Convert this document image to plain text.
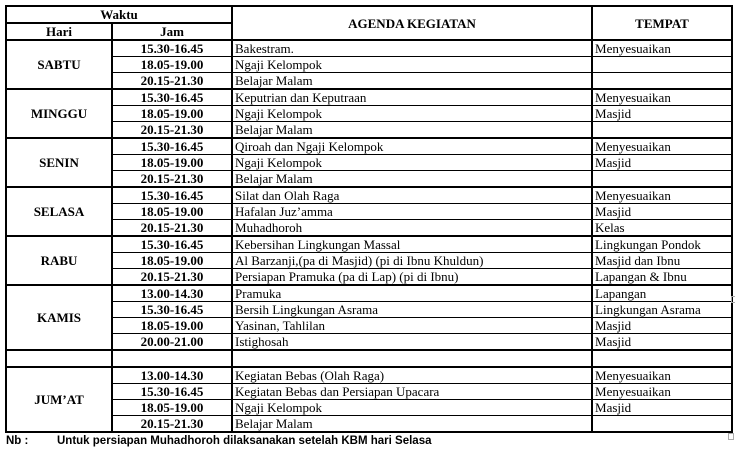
Waktu		AGENDA KEGIATAN	TEMPAT
Hari	Jam		
SABTU	15.30-16.45	Bakestram.	Menyesuaikan
	18.05-19.00	Ngaji Kelompok	
	20.15-21.30	Belajar Malam	
MINGGU	15.30-16.45	Keputrian dan Keputraan	Menyesuaikan
	18.05-19.00	Ngaji Kelompok	Masjid
	20.15-21.30	Belajar Malam	
SENIN	15.30-16.45	Qiroah dan Ngaji Kelompok	Menyesuaikan
	18.05-19.00	Ngaji Kelompok	Masjid
	20.15-21.30	Belajar Malam	
SELASA	15.30-16.45	Silat dan Olah Raga	Menyesuaikan
	18.05-19.00	Hafalan Juz’amma	Masjid
	20.15-21.30	Muhadhoroh	Kelas
RABU	15.30-16.45	Kebersihan Lingkungan Massal	Lingkungan Pondok
	18.05-19.00	Al Barzanji,(pa di Masjid) (pi di Ibnu Khuldun)	Masjid dan Ibnu
	20.15-21.30	Persiapan Pramuka (pa di Lap) (pi di Ibnu)	Lapangan & Ibnu
KAMIS	13.00-14.30	Pramuka	Lapangan
	15.30-16.45	Bersih Lingkungan Asrama	Lingkungan Asrama
	18.05-19.00	Yasinan, Tahlilan	Masjid
	20.00-21.00	Istighosah	Masjid

JUM’AT	13.00-14.30	Kegiatan Bebas (Olah Raga)	Menyesuaikan
	15.30-16.45	Kegiatan Bebas dan Persiapan Upacara	Menyesuaikan
	18.05-19.00	Ngaji Kelompok	Masjid
	20.15-21.30	Belajar Malam	
Nb : Untuk persiapan Muhadhoroh dilaksanakan setelah KBM hari Selasa
